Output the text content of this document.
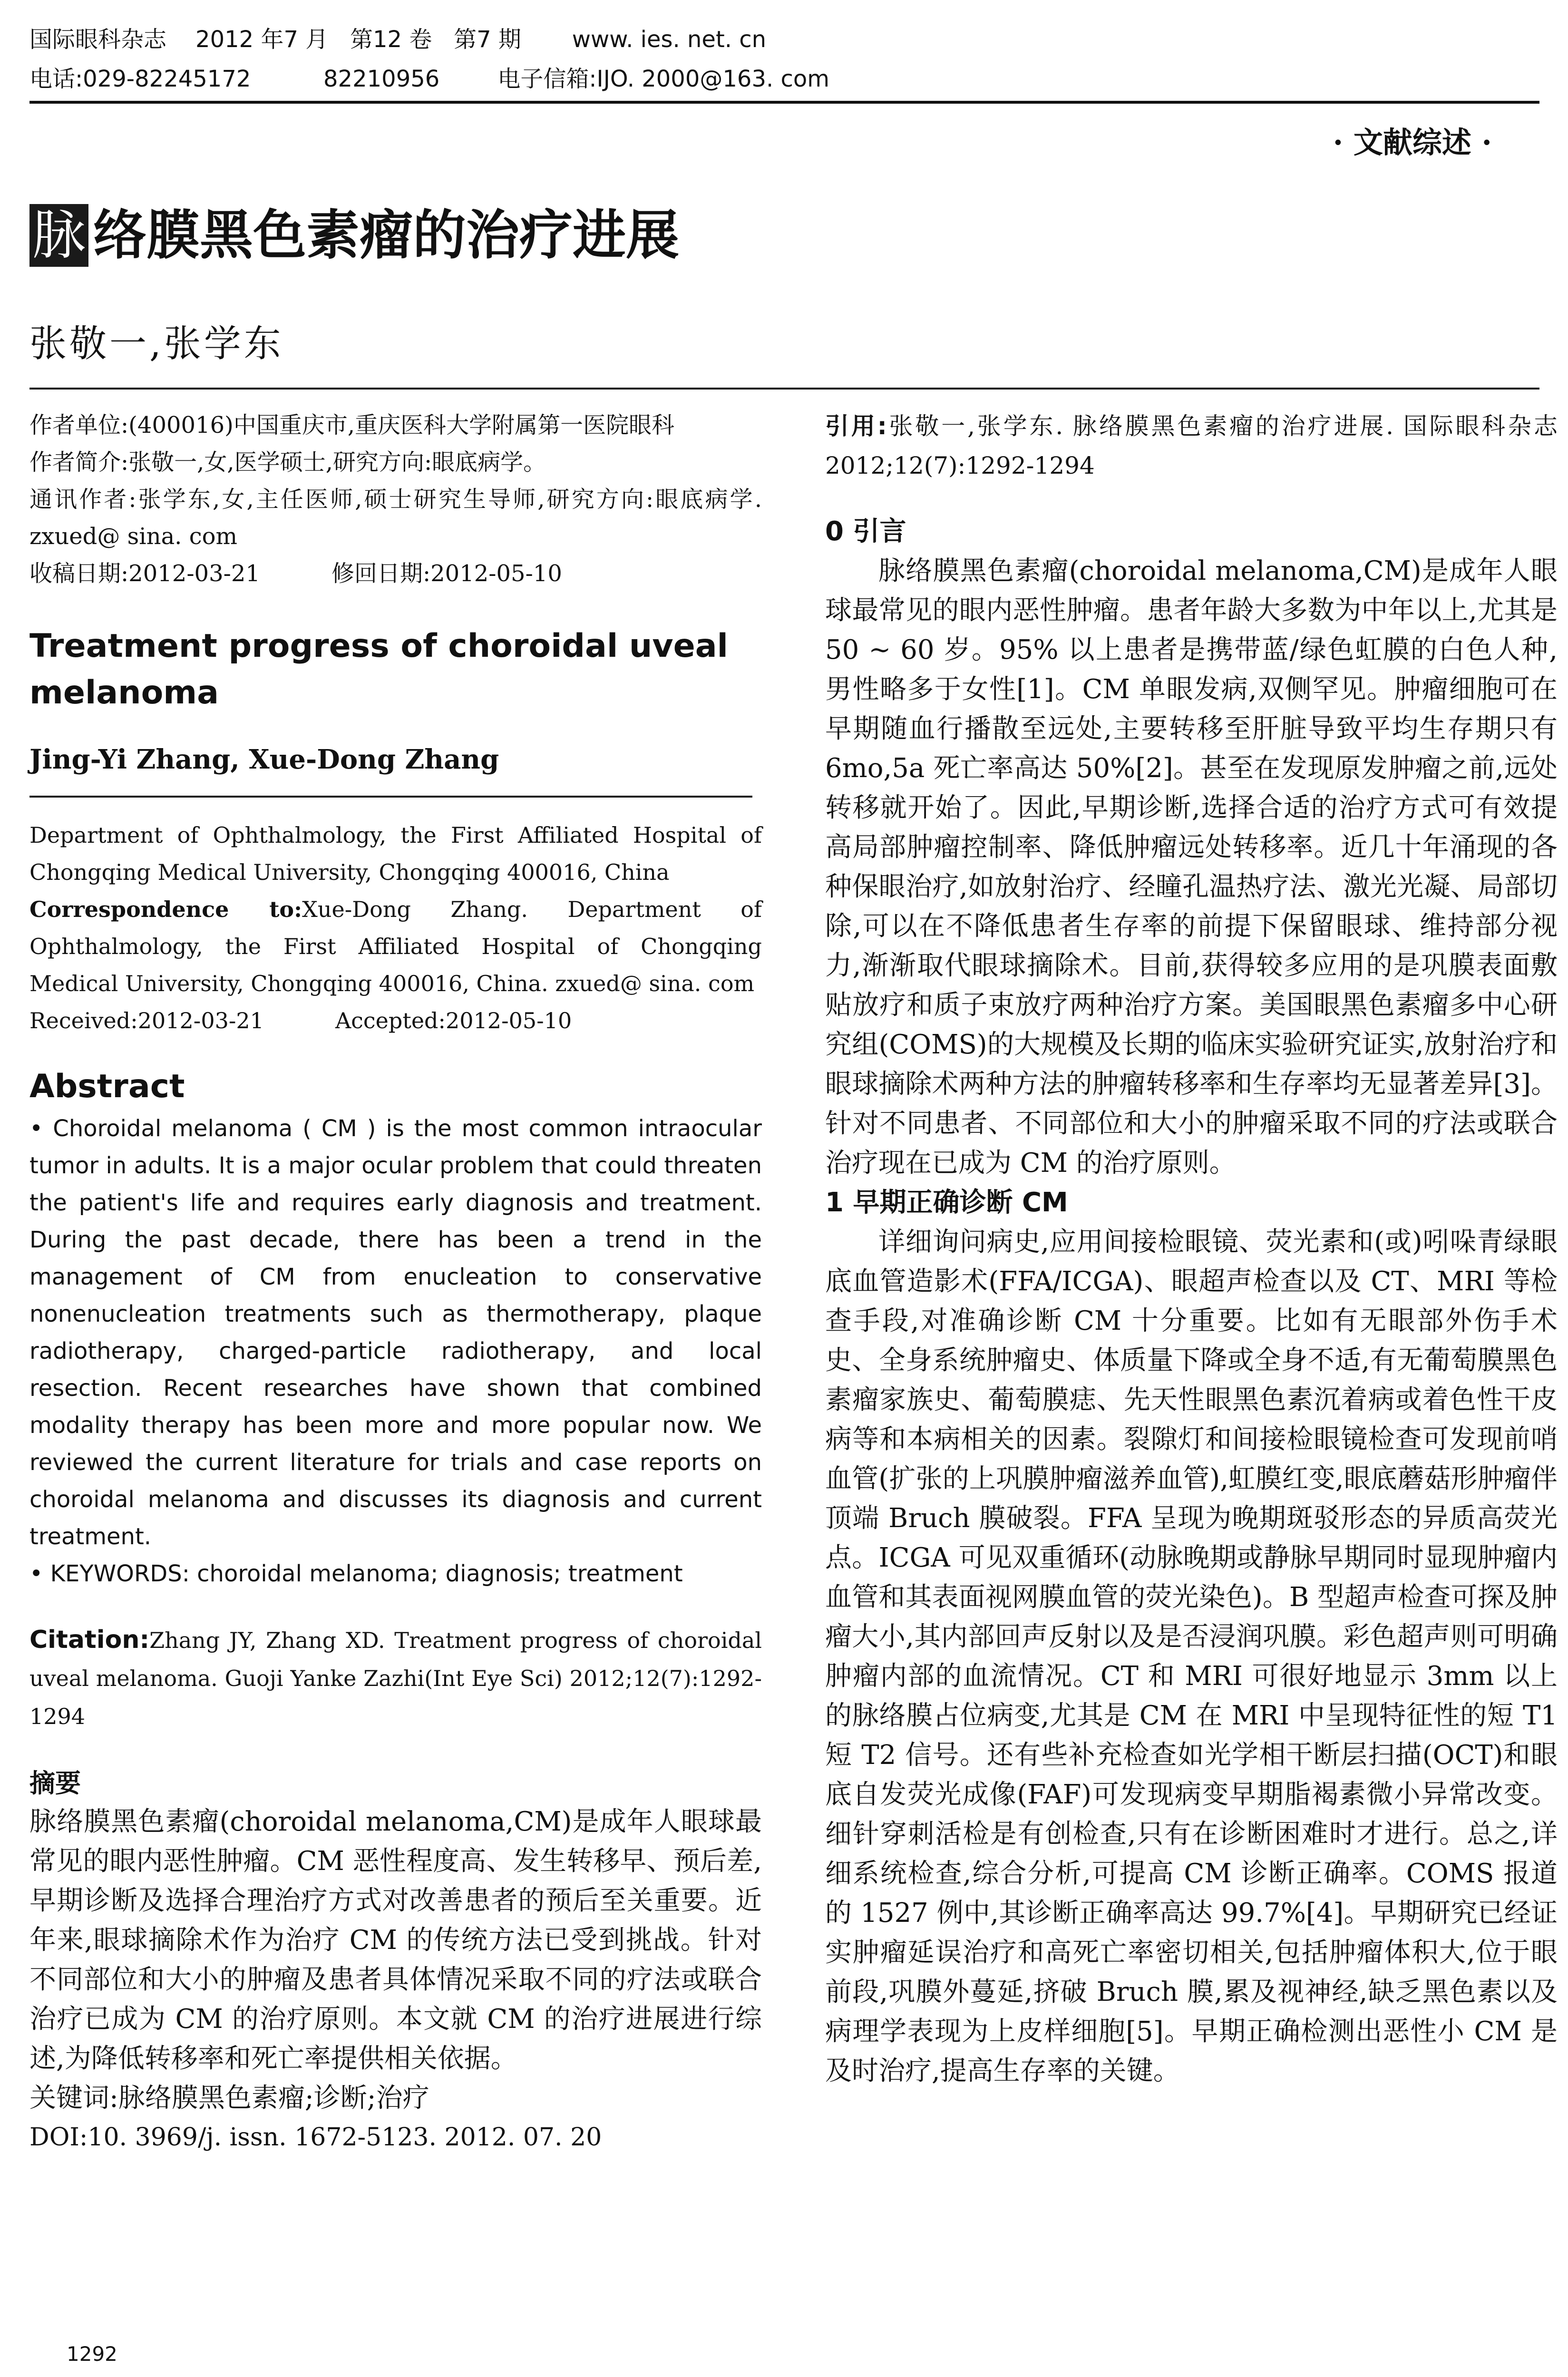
国际眼科杂志    2012 年7 月   第12 卷   第7 期       www. ies. net. cn
电话:029-82245172          82210956        电子信箱:IJO. 2000@163. com
· 文献综述 ·
脉 络膜黑色素瘤的治疗进展
张敬一,张学东

作者单位:(400016)中国重庆市,重庆医科大学附属第一医院眼科

作者简介:张敬一,女,医学硕士,研究方向:眼底病学。

通讯作者:张学东,女,主任医师,硕士研究生导师,研究方向:眼底病学. zxued@ sina. com

收稿日期:2012-03-21	修回日期:2012-05-10

Treatment progress of choroidal uveal melanoma
Jing-Yi Zhang, Xue-Dong Zhang

Department of Ophthalmology, the First Affiliated Hospital of Chongqing Medical University, Chongqing 400016, China

Correspondence to:Xue-Dong Zhang. Department of Ophthalmology, the First Affiliated Hospital of Chongqing Medical University, Chongqing 400016, China. zxued@ sina. com

Received:2012-03-21	Accepted:2012-05-10

Abstract

• Choroidal melanoma ( CM ) is the most common intraocular tumor in adults. It is a major ocular problem that could threaten the patient's life and requires early diagnosis and treatment. During the past decade, there has been a trend in the management of CM from enucleation to conservative nonenucleation treatments such as thermotherapy, plaque radiotherapy, charged-particle radiotherapy, and local resection. Recent researches have shown that combined modality therapy has been more and more popular now. We reviewed the current literature for trials and case reports on choroidal melanoma and discusses its diagnosis and current treatment.

• KEYWORDS: choroidal melanoma; diagnosis; treatment

Citation:Zhang JY, Zhang XD. Treatment progress of choroidal uveal melanoma. Guoji Yanke Zazhi(Int Eye Sci) 2012;12(7):1292-1294

摘要

脉络膜黑色素瘤(choroidal melanoma,CM)是成年人眼球最常见的眼内恶性肿瘤。CM 恶性程度高、发生转移早、预后差,早期诊断及选择合理治疗方式对改善患者的预后至关重要。近年来,眼球摘除术作为治疗 CM 的传统方法已受到挑战。针对不同部位和大小的肿瘤及患者具体情况采取不同的疗法或联合治疗已成为 CM 的治疗原则。本文就 CM 的治疗进展进行综述,为降低转移率和死亡率提供相关依据。

关键词:脉络膜黑色素瘤;诊断;治疗

DOI:10. 3969/j. issn. 1672-5123. 2012. 07. 20

引用:张敬一,张学东. 脉络膜黑色素瘤的治疗进展. 国际眼科杂志 2012;12(7):1292-1294

0 引言

脉络膜黑色素瘤(choroidal melanoma,CM)是成年人眼球最常见的眼内恶性肿瘤。患者年龄大多数为中年以上,尤其是 50 ~ 60 岁。95% 以上患者是携带蓝/绿色虹膜的白色人种,男性略多于女性[1]。CM 单眼发病,双侧罕见。肿瘤细胞可在早期随血行播散至远处,主要转移至肝脏导致平均生存期只有 6mo,5a 死亡率高达 50%[2]。甚至在发现原发肿瘤之前,远处转移就开始了。因此,早期诊断,选择合适的治疗方式可有效提高局部肿瘤控制率、降低肿瘤远处转移率。近几十年涌现的各种保眼治疗,如放射治疗、经瞳孔温热疗法、激光光凝、局部切除,可以在不降低患者生存率的前提下保留眼球、维持部分视力,渐渐取代眼球摘除术。目前,获得较多应用的是巩膜表面敷贴放疗和质子束放疗两种治疗方案。美国眼黑色素瘤多中心研究组(COMS)的大规模及长期的临床实验研究证实,放射治疗和眼球摘除术两种方法的肿瘤转移率和生存率均无显著差异[3]。针对不同患者、不同部位和大小的肿瘤采取不同的疗法或联合治疗现在已成为 CM 的治疗原则。

1 早期正确诊断 CM

详细询问病史,应用间接检眼镜、荧光素和(或)吲哚青绿眼底血管造影术(FFA/ICGA)、眼超声检查以及 CT、MRI 等检查手段,对准确诊断 CM 十分重要。比如有无眼部外伤手术史、全身系统肿瘤史、体质量下降或全身不适,有无葡萄膜黑色素瘤家族史、葡萄膜痣、先天性眼黑色素沉着病或着色性干皮病等和本病相关的因素。裂隙灯和间接检眼镜检查可发现前哨血管(扩张的上巩膜肿瘤滋养血管),虹膜红变,眼底蘑菇形肿瘤伴顶端 Bruch 膜破裂。FFA 呈现为晚期斑驳形态的异质高荧光点。ICGA 可见双重循环(动脉晚期或静脉早期同时显现肿瘤内血管和其表面视网膜血管的荧光染色)。B 型超声检查可探及肿瘤大小,其内部回声反射以及是否浸润巩膜。彩色超声则可明确肿瘤内部的血流情况。CT 和 MRI 可很好地显示 3mm 以上的脉络膜占位病变,尤其是 CM 在 MRI 中呈现特征性的短 T1 短 T2 信号。还有些补充检查如光学相干断层扫描(OCT)和眼底自发荧光成像(FAF)可发现病变早期脂褐素微小异常改变。细针穿刺活检是有创检查,只有在诊断困难时才进行。总之,详细系统检查,综合分析,可提高 CM 诊断正确率。COMS 报道的 1527 例中,其诊断正确率高达 99.7%[4]。早期研究已经证实肿瘤延误治疗和高死亡率密切相关,包括肿瘤体积大,位于眼前段,巩膜外蔓延,挤破 Bruch 膜,累及视神经,缺乏黑色素以及病理学表现为上皮样细胞[5]。早期正确检测出恶性小 CM 是及时治疗,提高生存率的关键。

1292
